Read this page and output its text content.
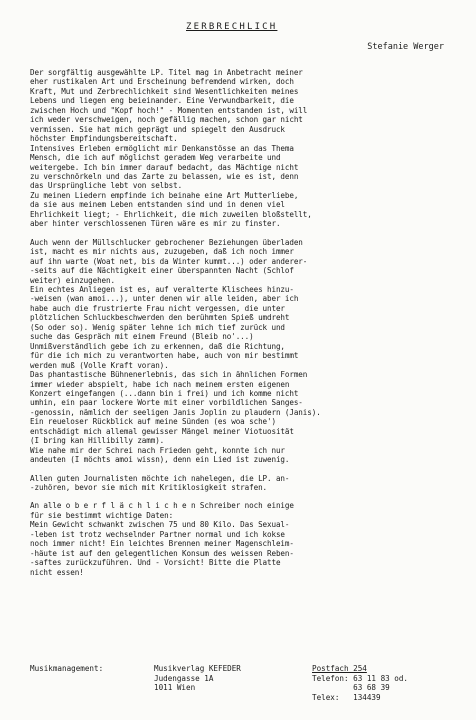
ZERBRECHLICH
Stefanie Werger
Der sorgfältig ausgewählte LP. Titel mag in Anbetracht meiner
eher rustikalen Art und Erscheinung befremdend wirken, doch
Kraft, Mut und Zerbrechlichkeit sind Wesentlichkeiten meines
Lebens und liegen eng beieinander. Eine Verwundbarkeit, die
zwischen Hoch und "Kopf hoch!" - Momenten entstanden ist, will
ich weder verschweigen, noch gefällig machen, schon gar nicht
vermissen. Sie hat mich geprägt und spiegelt den Ausdruck
höchster Empfindungsbereitschaft.
Intensives Erleben ermöglicht mir Denkanstösse an das Thema
Mensch, die ich auf möglichst geradem Weg verarbeite und
weitergebe. Ich bin immer darauf bedacht, das Mächtige nicht
zu verschnörkeln und das Zarte zu belassen, wie es ist, denn
das Ursprüngliche lebt von selbst.
Zu meinen Liedern empfinde ich beinahe eine Art Mutterliebe,
da sie aus meinem Leben entstanden sind und in denen viel
Ehrlichkeit liegt; - Ehrlichkeit, die mich zuweilen bloßstellt,
aber hinter verschlossenen Türen wäre es mir zu finster.
Auch wenn der Müllschlucker gebrochener Beziehungen überladen
ist, macht es mir nichts aus, zuzugeben, daß ich noch immer
auf ihn warte (Woat net, bis da Winter kummt...) oder anderer-
-seits auf die Nächtigkeit einer überspannten Nacht (Schlof
weiter) einzugehen.
Ein echtes Anliegen ist es, auf veralterte Klischees hinzu-
-weisen (wan amoi...), unter denen wir alle leiden, aber ich
habe auch die frustrierte Frau nicht vergessen, die unter
plötzlichen Schluckbeschwerden den berühmten Spieß umdreht
(So oder so). Wenig später lehne ich mich tief zurück und
suche das Gespräch mit einem Freund (Bleib no'...)
Unmißverständlich gebe ich zu erkennen, daß die Richtung,
für die ich mich zu verantworten habe, auch von mir bestimmt
werden muß (Volle Kraft voran).
Das phantastische Bühnenerlebnis, das sich in ähnlichen Formen
immer wieder abspielt, habe ich nach meinem ersten eigenen
Konzert eingefangen (...dann bin i frei) und ich komme nicht
umhin, ein paar lockere Worte mit einer vorbildlichen Sanges-
-genossin, nämlich der seeligen Janis Joplin zu plaudern (Janis).
Ein reueloser Rückblick auf meine Sünden (es woa sche')
entschädigt mich allemal gewisser Mängel meiner Viotuosität
(I bring kan Hillibilly zamm).
Wie nahe mir der Schrei nach Frieden geht, konnte ich nur
andeuten (I möchts amoi wissn), denn ein Lied ist zuwenig.
Allen guten Journalisten möchte ich nahelegen, die LP. an-
-zuhören, bevor sie mich mit Kritiklosigkeit strafen.
An alle o b e r f l ä c h l i c h e n Schreiber noch einige
für sie bestimmt wichtige Daten:
Mein Gewicht schwankt zwischen 75 und 80 Kilo. Das Sexual-
-leben ist trotz wechselnder Partner normal und ich kokse
noch immer nicht! Ein leichtes Brennen meiner Magenschleim-
-häute ist auf den gelegentlichen Konsum des weissen Reben-
-saftes zurückzuführen. Und - Vorsicht! Bitte die Platte
nicht essen!
Musikmanagement:	Musikverlag KEFEDER
Judengasse 1A
1011 Wien
Postfach 254
Telefon: 63 11 83 od.
63 68 39
Telex:   134439
